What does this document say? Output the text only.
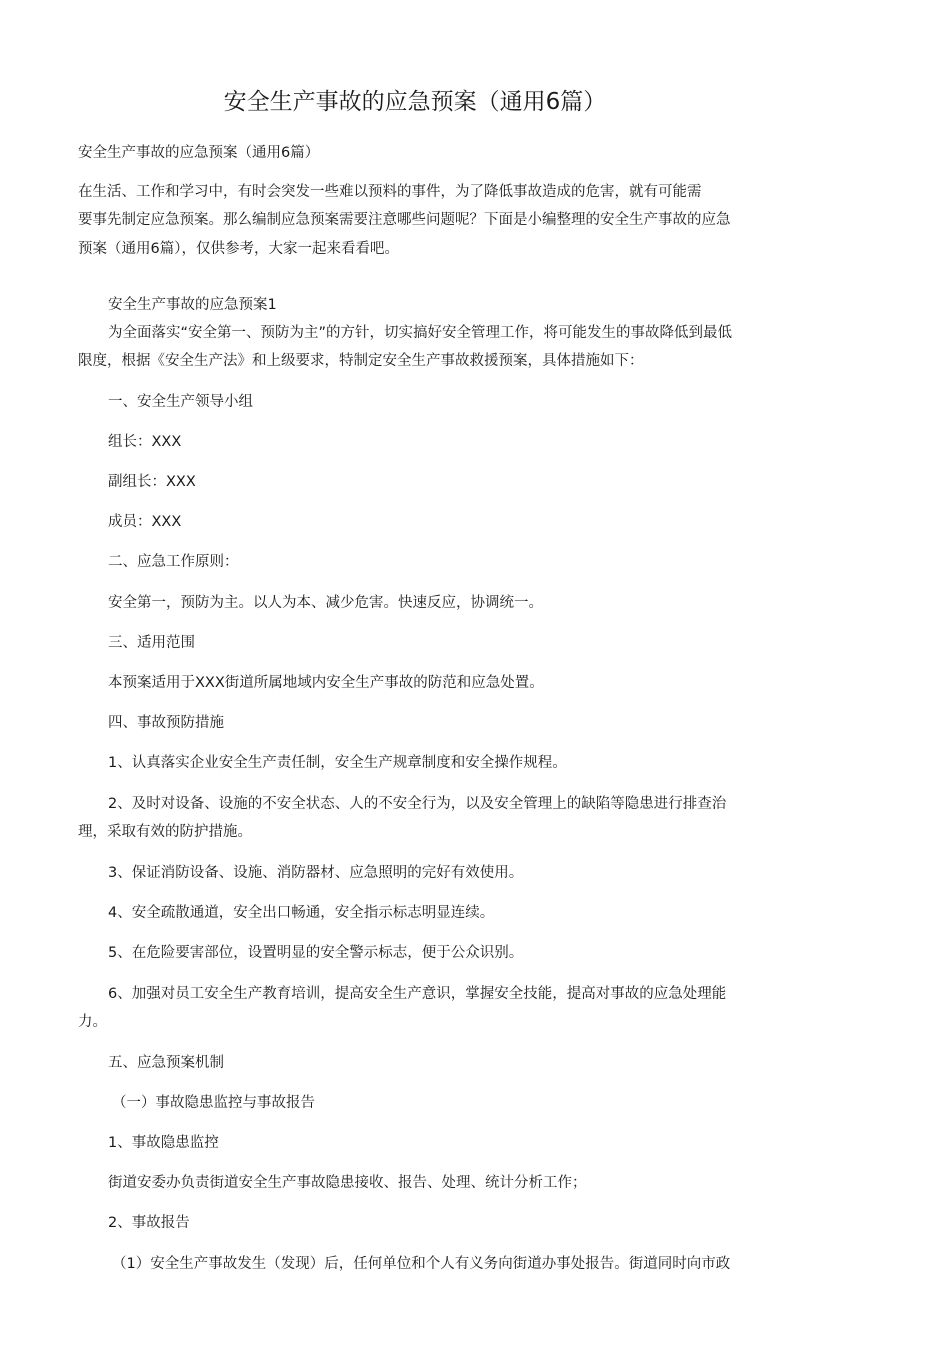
安全生产事故的应急预案（通用6篇）
安全生产事故的应急预案（通用6篇）
在生活、工作和学习中，有时会突发一些难以预料的事件，为了降低事故造成的危害，就有可能需
要事先制定应急预案。那么编制应急预案需要注意哪些问题呢？下面是小编整理的安全生产事故的应急
预案（通用6篇），仅供参考，大家一起来看看吧。
安全生产事故的应急预案1
为全面落实“安全第一、预防为主”的方针，切实搞好安全管理工作，将可能发生的事故降低到最低
限度，根据《安全生产法》和上级要求，特制定安全生产事故救援预案，具体措施如下：
一、安全生产领导小组
组长：XXX
副组长：XXX
成员：XXX
二、应急工作原则：
安全第一，预防为主。以人为本、减少危害。快速反应，协调统一。
三、适用范围
本预案适用于XXX街道所属地域内安全生产事故的防范和应急处置。
四、事故预防措施
1、认真落实企业安全生产责任制，安全生产规章制度和安全操作规程。
2、及时对设备、设施的不安全状态、人的不安全行为，以及安全管理上的缺陷等隐患进行排查治
理，采取有效的防护措施。
3、保证消防设备、设施、消防器材、应急照明的完好有效使用。
4、安全疏散通道，安全出口畅通，安全指示标志明显连续。
5、在危险要害部位，设置明显的安全警示标志，便于公众识别。
6、加强对员工安全生产教育培训，提高安全生产意识，掌握安全技能，提高对事故的应急处理能
力。
五、应急预案机制
（一）事故隐患监控与事故报告
1、事故隐患监控
街道安委办负责街道安全生产事故隐患接收、报告、处理、统计分析工作；
2、事故报告
（1）安全生产事故发生（发现）后，任何单位和个人有义务向街道办事处报告。街道同时向市政
